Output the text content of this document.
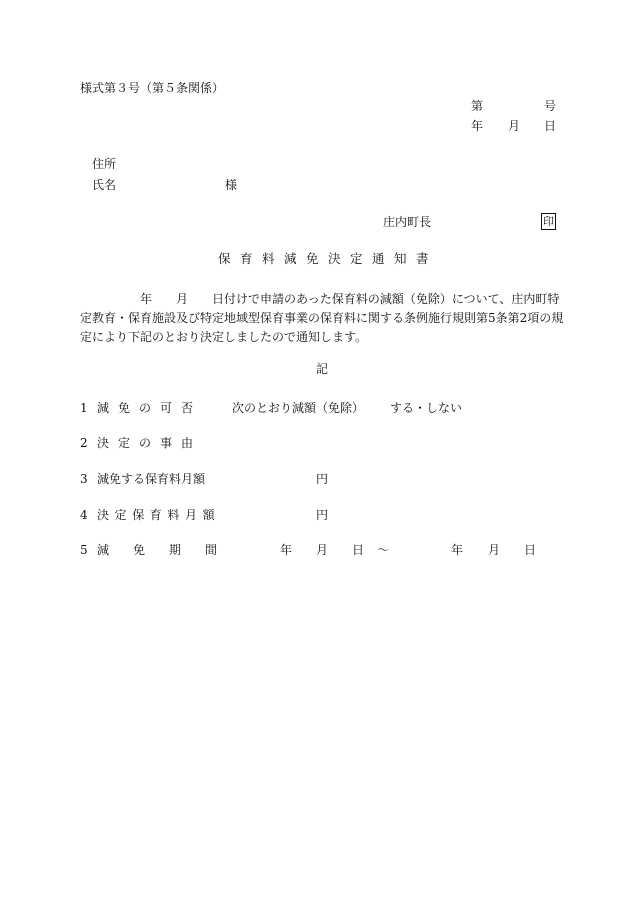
様式第３号（第５条関係）
第	号
年 月 日
住所
氏名	様
庄内町長	印
保育料減免決定通知書
　　　　　年　　月　　日付けで申請のあった保育料の減額（免除）について、庄内町特
定教育・保育施設及び特定地域型保育事業の保育料に関する条例施行規則第5条第2項の規
定により下記のとおり決定しましたので通知します。
記
1 減免の可否 次のとおり減額（免除） する・しない
2 決定の事由
3 減免する保育料月額	円
4 決定保育料月額	円
5 減免期間	年 月 日 ～	年 月 日
